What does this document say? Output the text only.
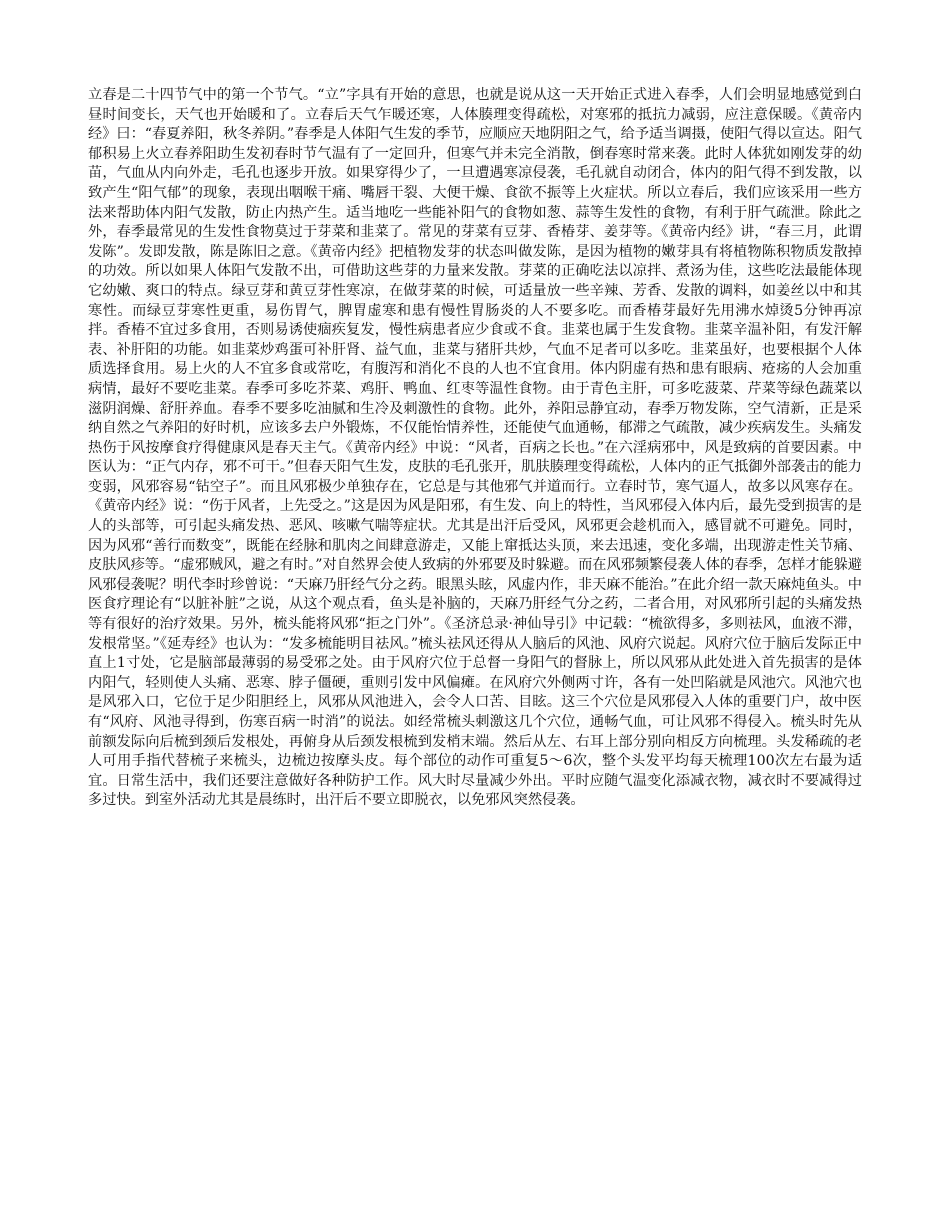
立春是二十四节气中的第一个节气。“立”字具有开始的意思，也就是说从这一天开始正式进入春季，人们会明显地感觉到白昼时间变长，天气也开始暖和了。立春后天气乍暖还寒，人体腠理变得疏松，对寒邪的抵抗力减弱，应注意保暖。《黄帝内经》曰：“春夏养阳，秋冬养阴。”春季是人体阳气生发的季节，应顺应天地阴阳之气，给予适当调摄，使阳气得以宣达。阳气郁积易上火立春养阳助生发初春时节气温有了一定回升，但寒气并未完全消散，倒春寒时常来袭。此时人体犹如刚发芽的幼苗，气血从内向外走，毛孔也逐步开放。如果穿得少了，一旦遭遇寒凉侵袭，毛孔就自动闭合，体内的阳气得不到发散，以致产生“阳气郁”的现象，表现出咽喉干痛、嘴唇干裂、大便干燥、食欲不振等上火症状。所以立春后，我们应该采用一些方法来帮助体内阳气发散，防止内热产生。适当地吃一些能补阳气的食物如葱、蒜等生发性的食物，有利于肝气疏泄。除此之外，春季最常见的生发性食物莫过于芽菜和韭菜了。常见的芽菜有豆芽、香椿芽、姜芽等。《黄帝内经》讲，“春三月，此谓发陈”。发即发散，陈是陈旧之意。《黄帝内经》把植物发芽的状态叫做发陈，是因为植物的嫩芽具有将植物陈积物质发散掉的功效。所以如果人体阳气发散不出，可借助这些芽的力量来发散。芽菜的正确吃法以凉拌、煮汤为佳，这些吃法最能体现它幼嫩、爽口的特点。绿豆芽和黄豆芽性寒凉，在做芽菜的时候，可适量放一些辛辣、芳香、发散的调料，如姜丝以中和其寒性。而绿豆芽寒性更重，易伤胃气，脾胃虚寒和患有慢性胃肠炎的人不要多吃。而香椿芽最好先用沸水焯烫5分钟再凉拌。香椿不宜过多食用，否则易诱使痼疾复发，慢性病患者应少食或不食。韭菜也属于生发食物。韭菜辛温补阳，有发汗解表、补肝阳的功能。如韭菜炒鸡蛋可补肝肾、益气血，韭菜与猪肝共炒，气血不足者可以多吃。韭菜虽好，也要根据个人体质选择食用。易上火的人不宜多食或常吃，有腹泻和消化不良的人也不宜食用。体内阴虚有热和患有眼病、疮疡的人会加重病情，最好不要吃韭菜。春季可多吃芥菜、鸡肝、鸭血、红枣等温性食物。由于青色主肝，可多吃菠菜、芹菜等绿色蔬菜以滋阴润燥、舒肝养血。春季不要多吃油腻和生冷及刺激性的食物。此外，养阳忌静宜动，春季万物发陈，空气清新，正是采纳自然之气养阳的好时机，应该多去户外锻炼，不仅能怡情养性，还能使气血通畅，郁滞之气疏散，减少疾病发生。头痛发热伤于风按摩食疗得健康风是春天主气。《黄帝内经》中说：“风者，百病之长也。”在六淫病邪中，风是致病的首要因素。中医认为：“正气内存，邪不可干。”但春天阳气生发，皮肤的毛孔张开，肌肤腠理变得疏松，人体内的正气抵御外部袭击的能力变弱，风邪容易“钻空子”。而且风邪极少单独存在，它总是与其他邪气并道而行。立春时节，寒气逼人，故多以风寒存在。《黄帝内经》说：“伤于风者，上先受之。”这是因为风是阳邪，有生发、向上的特性，当风邪侵入体内后，最先受到损害的是人的头部等，可引起头痛发热、恶风、咳嗽气喘等症状。尤其是出汗后受风，风邪更会趁机而入，感冒就不可避免。同时，因为风邪“善行而数变”，既能在经脉和肌肉之间肆意游走，又能上窜抵达头顶，来去迅速，变化多端，出现游走性关节痛、皮肤风疹等。“虚邪贼风，避之有时。”对自然界会使人致病的外邪要及时躲避。而在风邪频繁侵袭人体的春季，怎样才能躲避风邪侵袭呢？明代李时珍曾说：“天麻乃肝经气分之药。眼黑头眩，风虚内作，非天麻不能治。”在此介绍一款天麻炖鱼头。中医食疗理论有“以脏补脏”之说，从这个观点看，鱼头是补脑的，天麻乃肝经气分之药，二者合用，对风邪所引起的头痛发热等有很好的治疗效果。另外，梳头能将风邪“拒之门外”。《圣济总录·神仙导引》中记载：“梳欲得多，多则祛风，血液不滞，发根常坚。”《延寿经》也认为：“发多梳能明目祛风。”梳头祛风还得从人脑后的风池、风府穴说起。风府穴位于脑后发际正中直上1寸处，它是脑部最薄弱的易受邪之处。由于风府穴位于总督一身阳气的督脉上，所以风邪从此处进入首先损害的是体内阳气，轻则使人头痛、恶寒、脖子僵硬，重则引发中风偏瘫。在风府穴外侧两寸许，各有一处凹陷就是风池穴。风池穴也是风邪入口，它位于足少阳胆经上，风邪从风池进入，会令人口苦、目眩。这三个穴位是风邪侵入人体的重要门户，故中医有“风府、风池寻得到，伤寒百病一时消”的说法。如经常梳头刺激这几个穴位，通畅气血，可让风邪不得侵入。梳头时先从前额发际向后梳到颈后发根处，再俯身从后颈发根梳到发梢末端。然后从左、右耳上部分别向相反方向梳理。头发稀疏的老人可用手指代替梳子来梳头，边梳边按摩头皮。每个部位的动作可重复5～6次，整个头发平均每天梳理100次左右最为适宜。日常生活中，我们还要注意做好各种防护工作。风大时尽量减少外出。平时应随气温变化添减衣物，减衣时不要减得过多过快。到室外活动尤其是晨练时，出汗后不要立即脱衣，以免邪风突然侵袭。
